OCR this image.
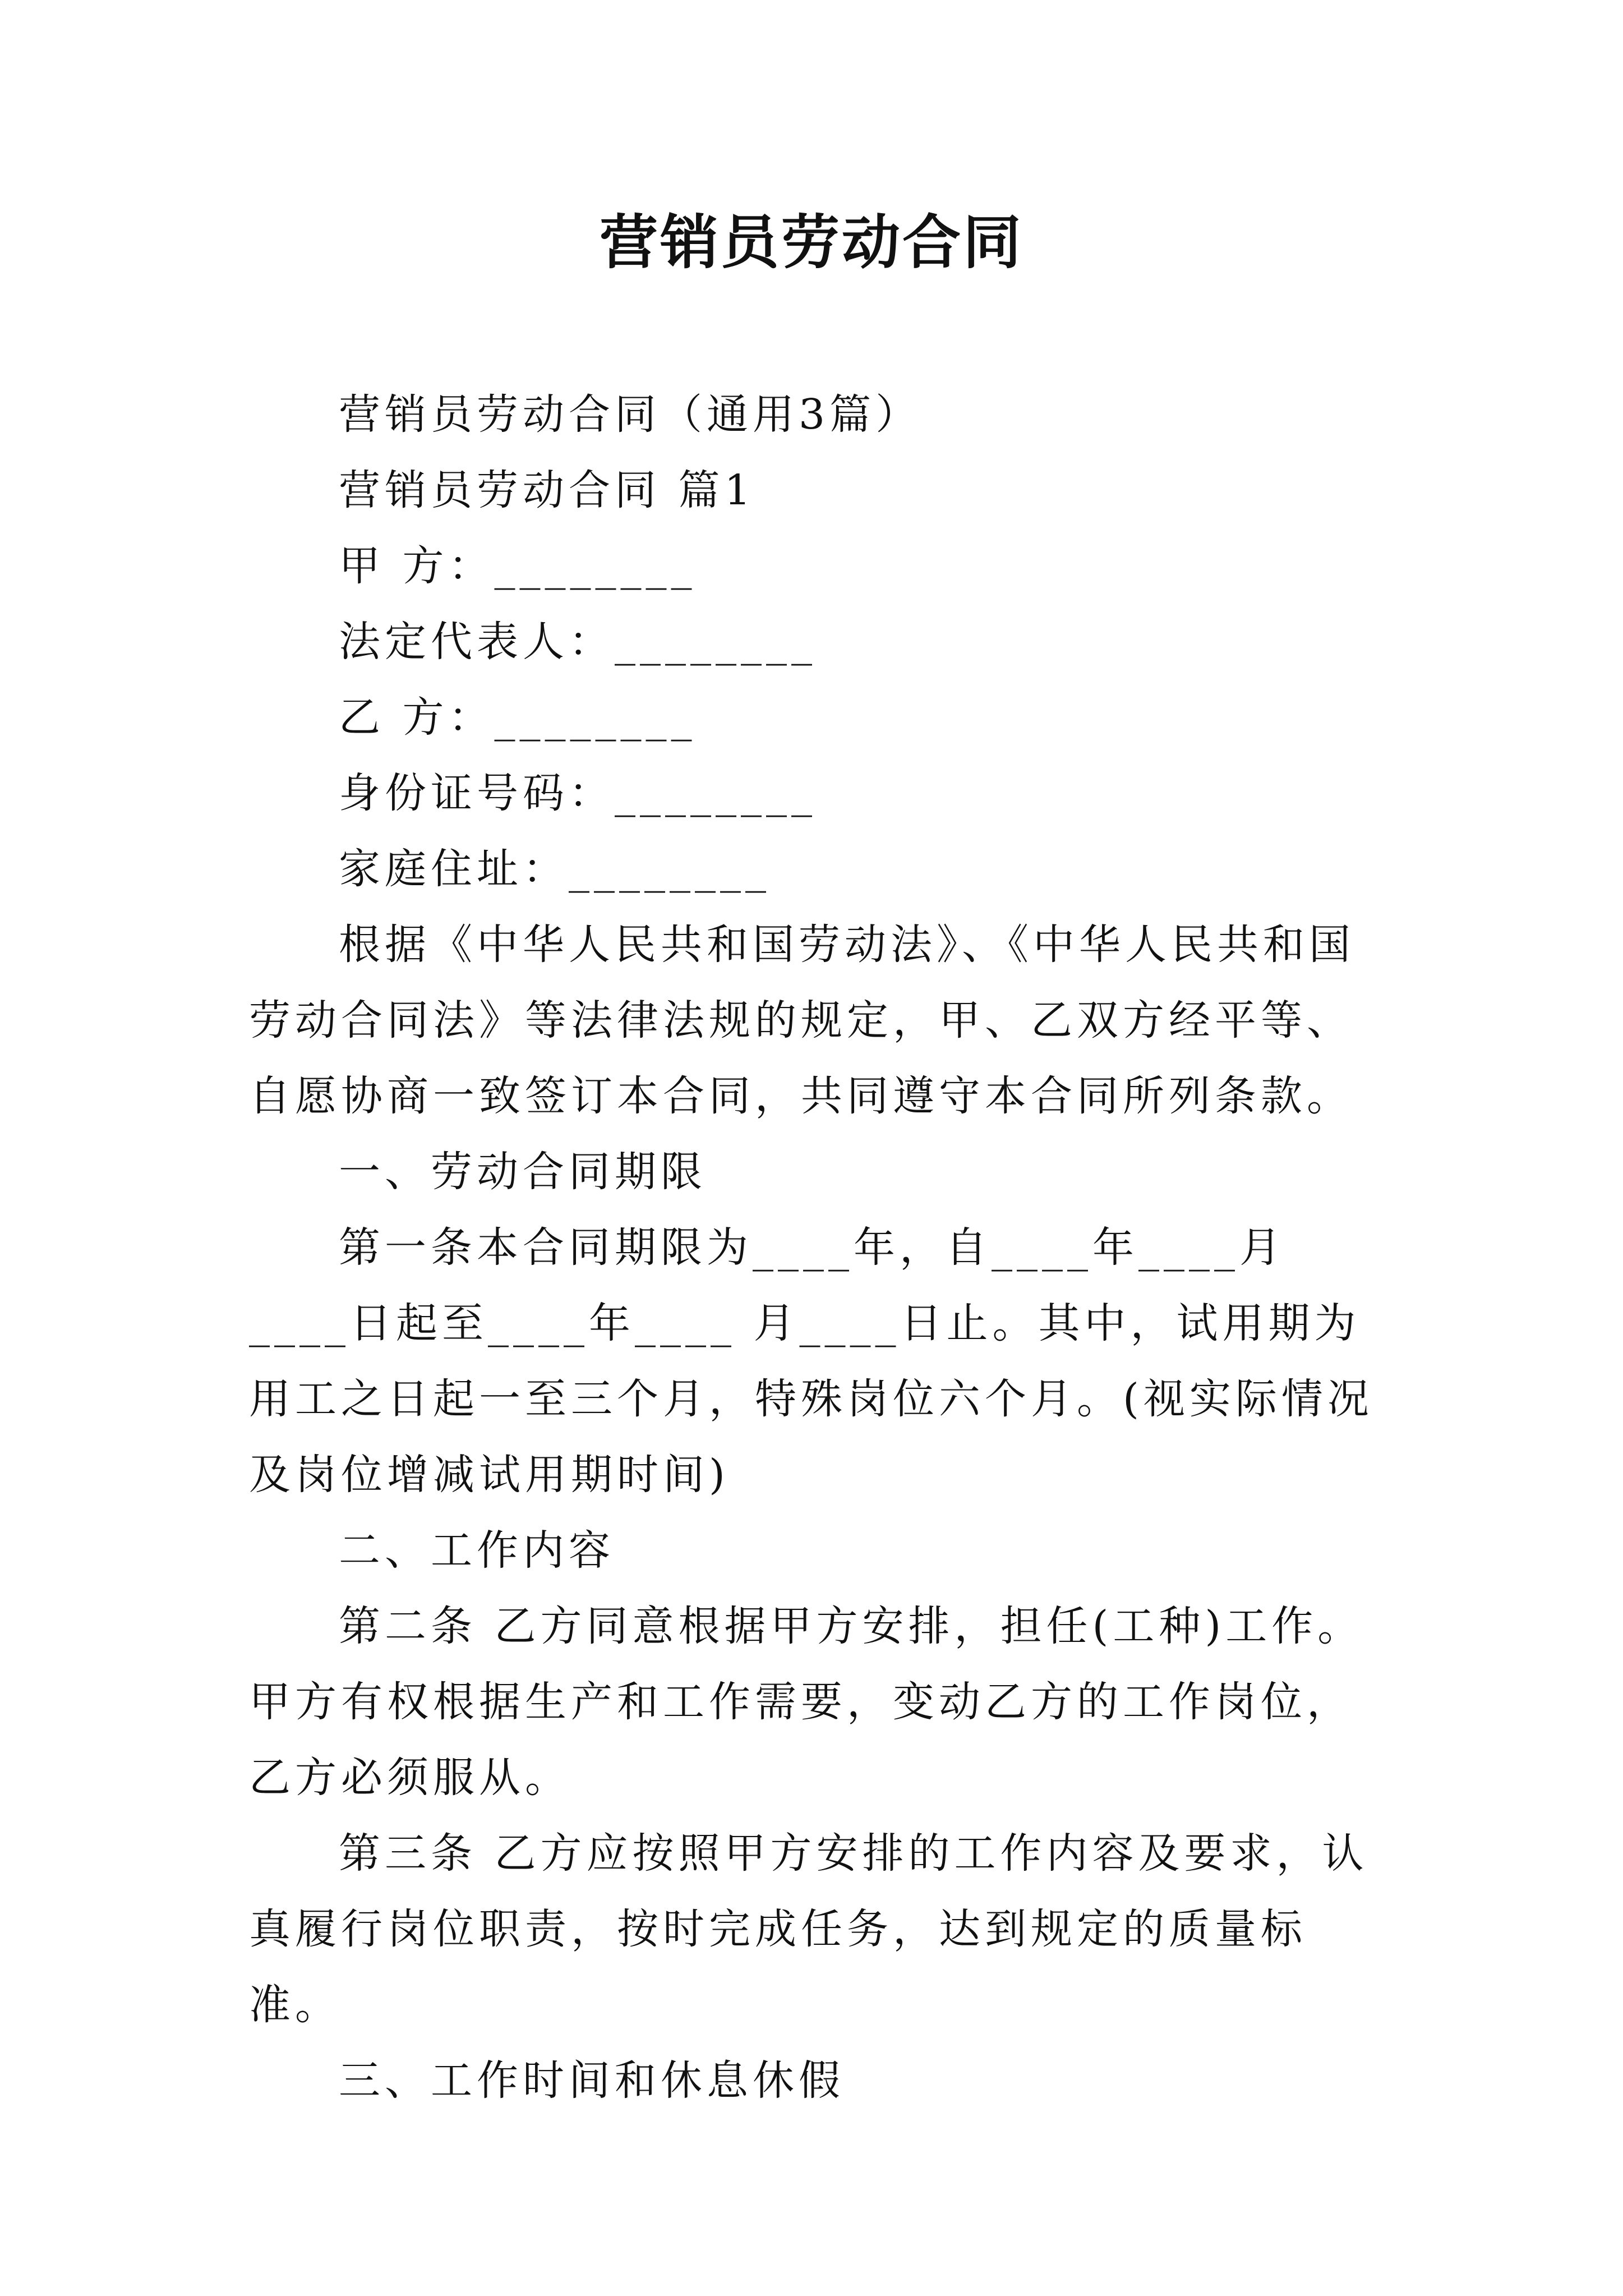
营销员劳动合同

营销员劳动合同（通用3篇）

营销员劳动合同 篇1

甲 方：________

法定代表人：________

乙 方：________

身份证号码：________

家庭住址：________

根据《中华人民共和国劳动法》、《中华人民共和国劳动合同法》等法律法规的规定，甲、乙双方经平等、自愿协商一致签订本合同，共同遵守本合同所列条款。

一、劳动合同期限

第一条本合同期限为____年，自____年____月____日起至____年____ 月____日止。其中，试用期为用工之日起一至三个月，特殊岗位六个月。(视实际情况及岗位增减试用期时间)

二、工作内容

第二条 乙方同意根据甲方安排，担任(工种)工作。甲方有权根据生产和工作需要，变动乙方的工作岗位，乙方必须服从。

第三条 乙方应按照甲方安排的工作内容及要求，认真履行岗位职责，按时完成任务，达到规定的质量标准。

三、工作时间和休息休假
